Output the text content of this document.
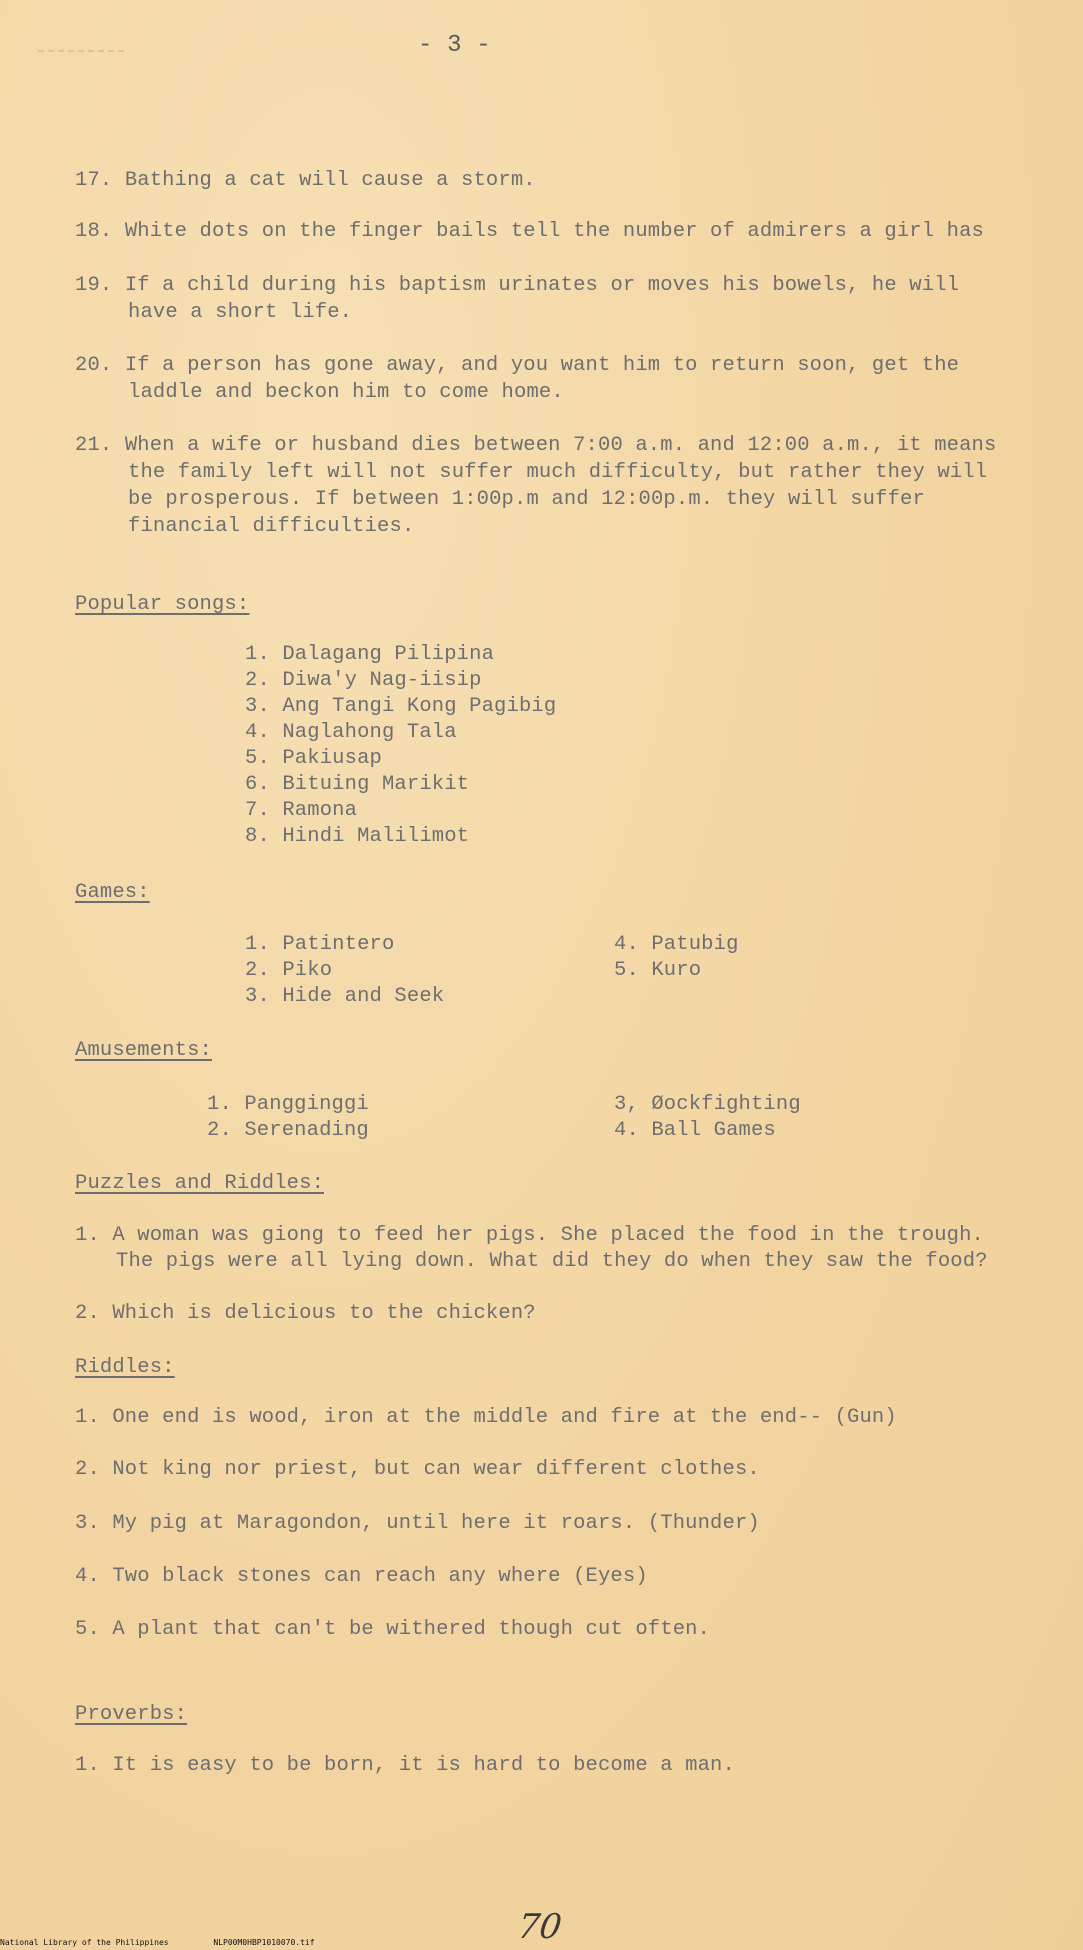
- 3 -
17. Bathing a cat will cause a storm.
18. White dots on the finger bails tell the number of admirers a girl has
19. If a child during his baptism urinates or moves his bowels, he will
have a short life.
20. If a person has gone away, and you want him to return soon, get the
laddle and beckon him to come home.
21. When a wife or husband dies between 7:00 a.m. and 12:00 a.m., it means
the family left will not suffer much difficulty, but rather they will
be prosperous. If between 1:00p.m and 12:00p.m. they will suffer
financial difficulties.
Popular songs:
1. Dalagang Pilipina
2. Diwa'y Nag-iisip
3. Ang Tangi Kong Pagibig
4. Naglahong Tala
5. Pakiusap
6. Bituing Marikit
7. Ramona
8. Hindi Malilimot
Games:
1. Patintero
2. Piko
3. Hide and Seek
4. Patubig
5. Kuro
Amusements:
1. Pangginggi
2. Serenading
3, Øockfighting
4. Ball Games
Puzzles and Riddles:
1. A woman was giong to feed her pigs. She placed the food in the trough.
The pigs were all lying down. What did they do when they saw the food?
2. Which is delicious to the chicken?
Riddles:
1. One end is wood, iron at the middle and fire at the end-- (Gun)
2. Not king nor priest, but can wear different clothes.
3. My pig at Maragondon, until here it roars. (Thunder)
4. Two black stones can reach any where (Eyes)
5. A plant that can't be withered though cut often.
Proverbs:
1. It is easy to be born, it is hard to become a man.
70
National Library of the Philippines	NLP00M0HBP1010070.tif
